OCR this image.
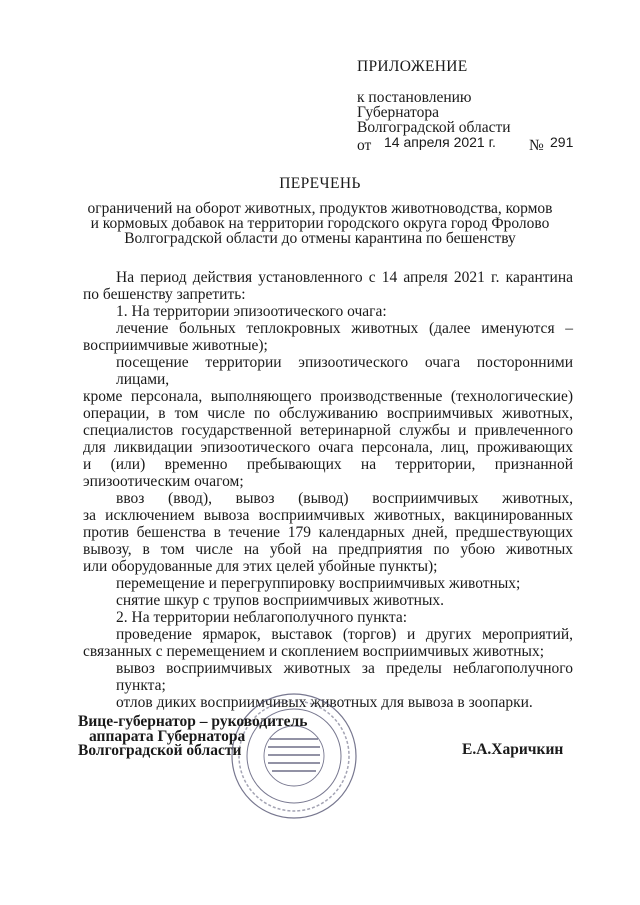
ПРИЛОЖЕНИЕ
к постановлению
Губернатора
Волгоградской области
от 14 апреля 2021 г. № 291
ПЕРЕЧЕНЬ
ограничений на оборот животных, продуктов животноводства, кормов
и кормовых добавок на территории городского округа город Фролово
Волгоградской области до отмены карантина по бешенству
На период действия установленного с 14 апреля 2021 г. карантина
по бешенству запретить:
1. На территории эпизоотического очага:
лечение больных теплокровных животных (далее именуются –
восприимчивые животные);
посещение территории эпизоотического очага посторонними лицами,
кроме персонала, выполняющего производственные (технологические)
операции, в том числе по обслуживанию восприимчивых животных,
специалистов государственной ветеринарной службы и привлеченного
для ликвидации эпизоотического очага персонала, лиц, проживающих
и (или) временно пребывающих на территории, признанной
эпизоотическим очагом;
ввоз (ввод), вывоз (вывод) восприимчивых животных,
за исключением вывоза восприимчивых животных, вакцинированных
против бешенства в течение 179 календарных дней, предшествующих
вывозу, в том числе на убой на предприятия по убою животных
или оборудованные для этих целей убойные пункты);
перемещение и перегруппировку восприимчивых животных;
снятие шкур с трупов восприимчивых животных.
2. На территории неблагополучного пункта:
проведение ярмарок, выставок (торгов) и других мероприятий,
связанных с перемещением и скоплением восприимчивых животных;
вывоз восприимчивых животных за пределы неблагополучного пункта;
отлов диких восприимчивых животных для вывоза в зоопарки.
Вице-губернатор – руководитель
аппарата Губернатора
Волгоградской области	Е.А.Харичкин
